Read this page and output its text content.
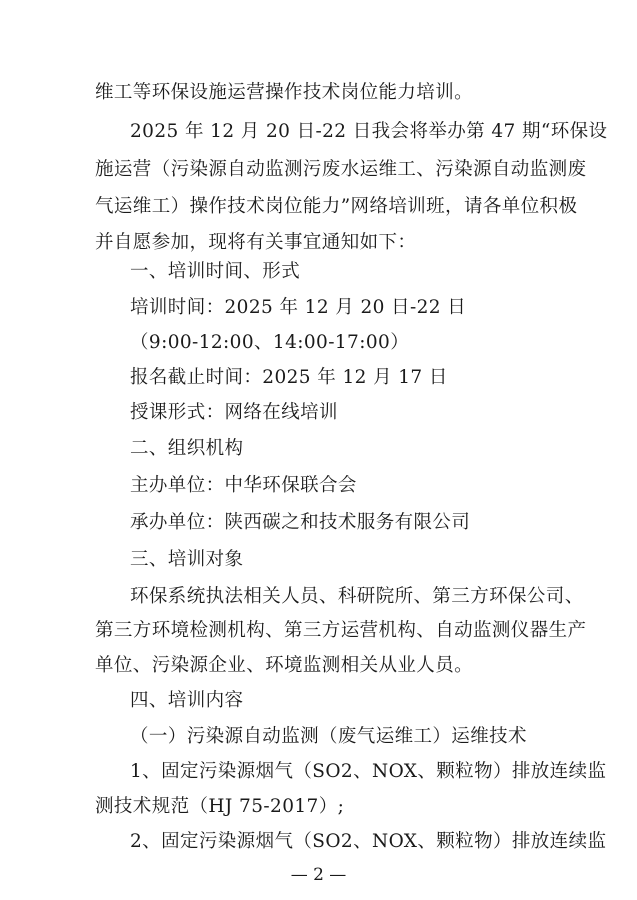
维工等环保设施运营操作技术岗位能力培训。
2025 年 12 月 20 日-22 日我会将举办第 47 期“环保设
施运营（污染源自动监测污废水运维工、污染源自动监测废
气运维工）操作技术岗位能力”网络培训班，请各单位积极
并自愿参加，现将有关事宜通知如下：
一、培训时间、形式
培训时间：2025 年 12 月 20 日-22 日
（9:00-12:00、14:00-17:00）
报名截止时间：2025 年 12 月 17 日
授课形式：网络在线培训
二、组织机构
主办单位：中华环保联合会
承办单位：陕西碳之和技术服务有限公司
三、培训对象
环保系统执法相关人员、科研院所、第三方环保公司、
第三方环境检测机构、第三方运营机构、自动监测仪器生产
单位、污染源企业、环境监测相关从业人员。
四、培训内容
（一）污染源自动监测（废气运维工）运维技术
1、固定污染源烟气（SO2、NOX、颗粒物）排放连续监
测技术规范（HJ 75-2017）;
2、固定污染源烟气（SO2、NOX、颗粒物）排放连续监
— 2 —
